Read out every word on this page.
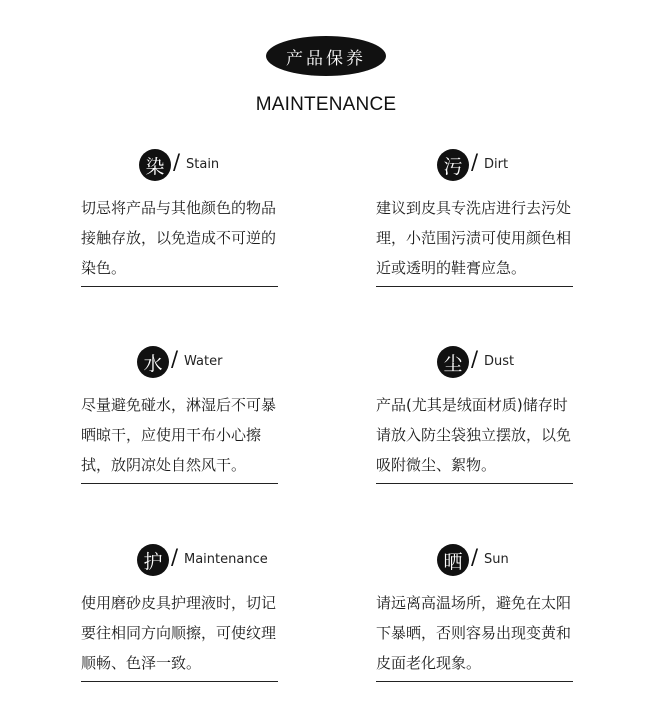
产品保养
MAINTENANCE
染 / Stain
切忌将产品与其他颜色的物品接触存放，以免造成不可逆的染色。
污 / Dirt
建议到皮具专洗店进行去污处理，小范围污渍可使用颜色相近或透明的鞋膏应急。
水 / Water
尽量避免碰水，淋湿后不可暴晒晾干，应使用干布小心擦拭，放阴凉处自然风干。
尘 / Dust
产品(尤其是绒面材质)储存时请放入防尘袋独立摆放，以免吸附微尘、絮物。
护 / Maintenance
使用磨砂皮具护理液时，切记要往相同方向顺擦，可使纹理顺畅、色泽一致。
晒 / Sun
请远离高温场所，避免在太阳下暴晒，否则容易出现变黄和皮面老化现象。
